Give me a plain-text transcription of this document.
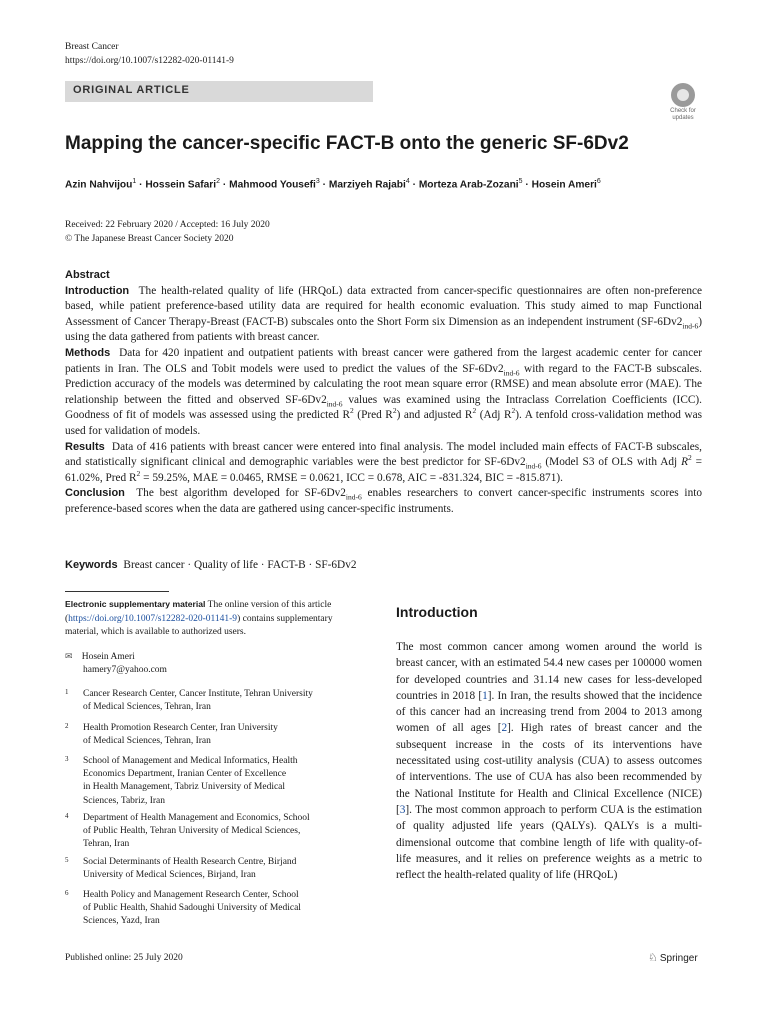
Breast Cancer
https://doi.org/10.1007/s12282-020-01141-9
ORIGINAL ARTICLE
Check for
updates
Mapping the cancer-specific FACT-B onto the generic SF-6Dv2
Azin Nahvijou$^1$ · Hossein Safari$^2$ · Mahmood Yousefi$^3$ · Marziyeh Rajabi$^4$ · Morteza Arab-Zozani$^5$ · Hosein Ameri$^6$
Received: 22 February 2020 / Accepted: 16 July 2020
© The Japanese Breast Cancer Society 2020
Abstract

Introduction The health-related quality of life (HRQoL) data extracted from cancer-specific questionnaires are often non-preference based, while patient preference-based utility data are required for health economic evaluation. This study aimed to map Functional Assessment of Cancer Therapy-Breast (FACT-B) subscales onto the Short Form six Dimension as an independent instrument $(SF-6Dv2_{ind-6})$ using the data gathered from patients with breast cancer.

Methods Data for 420 inpatient and outpatient patients with breast cancer were gathered from the largest academic center for cancer patients in Iran. The OLS and Tobit models were used to predict the values of the $SF-6Dv2_{ind-6}$ with regard to the FACT-B subscales. Prediction accuracy of the models was determined by calculating the root mean square error (RMSE) and mean absolute error (MAE). The relationship between the fitted and observed $SF-6Dv2_{ind-6}$ values was examined using the Intraclass Correlation Coefficients (ICC). Goodness of fit of models was assessed using the predicted $R^2$ (Pred $R^2$) and adjusted $R^2$ (Adj $R^2$). A tenfold cross-validation method was used for validation of models.

Results Data of 416 patients with breast cancer were entered into final analysis. The model included main effects of FACT-B subscales, and statistically significant clinical and demographic variables were the best predictor for $SF-6Dv2_{ind-6}$ (Model S3 of OLS with Adj $R^2 = 61.02\%$, Pred $R^2 = 59.25\%$, MAE = 0.0465, RMSE = 0.0621, ICC = 0.678, AIC = -831.324, BIC = -815.871).

Conclusion The best algorithm developed for $SF-6Dv2_{ind-6}$ enables researchers to convert cancer-specific instruments scores into preference-based scores when the data are gathered using cancer-specific instruments.

Keywords Breast cancer · Quality of life · FACT-B · SF-6Dv2
Electronic supplementary material The online version of this article (https://doi.org/10.1007/s12282-020-01141-9) contains supplementary material, which is available to authorized users.
✉ Hosein Ameri
hamery7@yahoo.com
1 Cancer Research Center, Cancer Institute, Tehran University
of Medical Sciences, Tehran, Iran
2 Health Promotion Research Center, Iran University
of Medical Sciences, Tehran, Iran
3 School of Management and Medical Informatics, Health
Economics Department, Iranian Center of Excellence
in Health Management, Tabriz University of Medical
Sciences, Tabriz, Iran
4 Department of Health Management and Economics, School
of Public Health, Tehran University of Medical Sciences,
Tehran, Iran
5 Social Determinants of Health Research Centre, Birjand
University of Medical Sciences, Birjand, Iran
6 Health Policy and Management Research Center, School
of Public Health, Shahid Sadoughi University of Medical
Sciences, Yazd, Iran
Introduction
The most common cancer among women around the world is breast cancer, with an estimated 54.4 new cases per 100000 women for developed countries and 31.14 new cases for less-developed countries in 2018 [1]. In Iran, the results showed that the incidence of this cancer had an increasing trend from 2004 to 2013 among women of all ages [2]. High rates of breast cancer and the subsequent increase in the costs of its interventions have necessitated using cost-utility analysis (CUA) to assess outcomes of interventions. The use of CUA has also been recommended by the National Institute for Health and Clinical Excellence (NICE) [3]. The most common approach to perform CUA is the estimation of quality adjusted life years (QALYs). QALYs is a multi-dimensional outcome that combine length of life with quality-of-life measures, and it relies on preference weights as a metric to reflect the health-related quality of life (HRQoL)
Published online: 25 July 2020	♘ Springer
